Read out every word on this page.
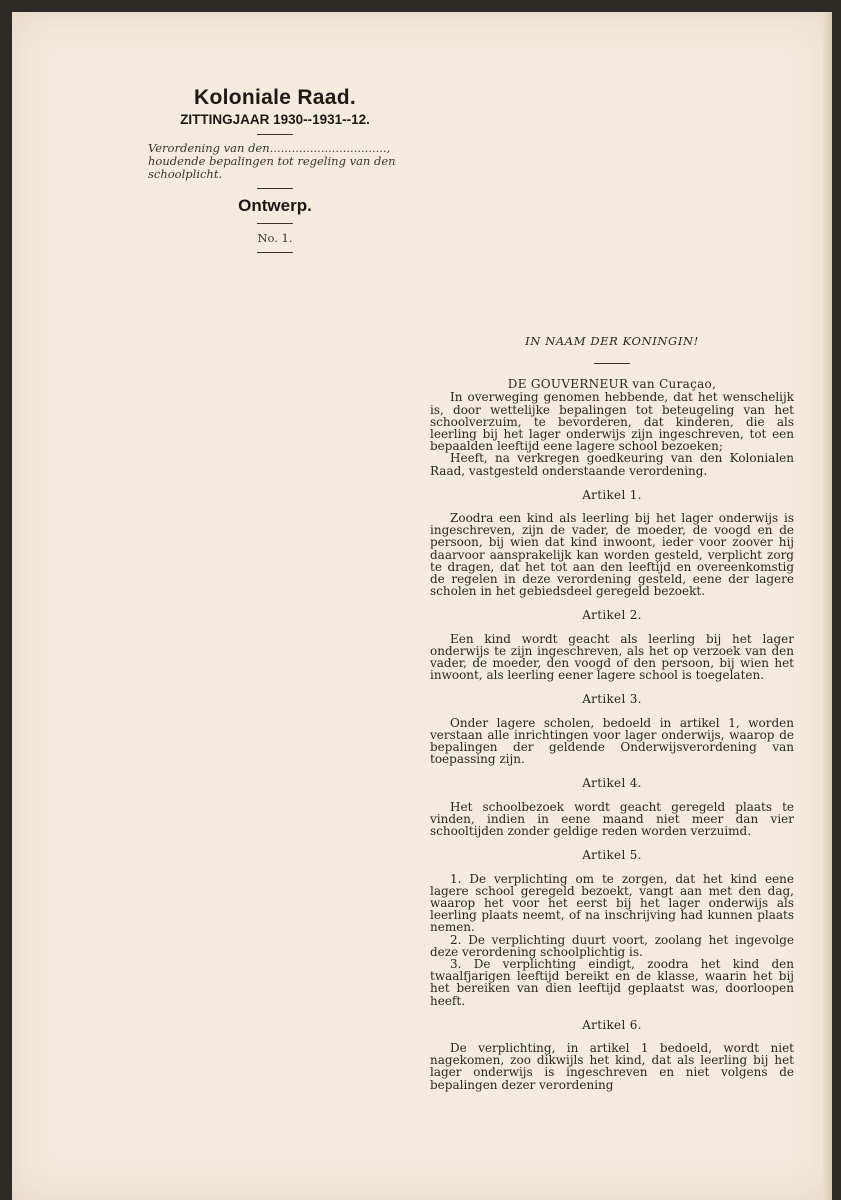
Koloniale Raad.
ZITTINGJAAR 1930--1931--12.
Verordening van den................................, houdende bepalingen tot regeling van den schoolplicht.
Ontwerp.
No. 1.
IN NAAM DER KONINGIN!
DE GOUVERNEUR van Curaçao,

In overweging genomen hebbende, dat het wenschelijk is, door wettelijke bepalingen tot beteugeling van het schoolverzuim, te bevorderen, dat kinderen, die als leerling bij het lager onderwijs zijn ingeschreven, tot een bepaalden leeftijd eene lagere school bezoeken;

Heeft, na verkregen goedkeuring van den Kolonialen Raad, vastgesteld onderstaande verordening.

Artikel 1.

Zoodra een kind als leerling bij het lager onderwijs is ingeschreven, zijn de vader, de moeder, de voogd en de persoon, bij wien dat kind inwoont, ieder voor zoover hij daarvoor aansprakelijk kan worden gesteld, verplicht zorg te dragen, dat het tot aan den leeftijd en overeenkomstig de regelen in deze verordening gesteld, eene der lagere scholen in het gebiedsdeel geregeld bezoekt.

Artikel 2.

Een kind wordt geacht als leerling bij het lager onderwijs te zijn ingeschreven, als het op verzoek van den vader, de moeder, den voogd of den persoon, bij wien het inwoont, als leerling eener lagere school is toegelaten.

Artikel 3.

Onder lagere scholen, bedoeld in artikel 1, worden verstaan alle inrichtingen voor lager onderwijs, waarop de bepalingen der geldende Onderwijsverordening van toepassing zijn.

Artikel 4.

Het schoolbezoek wordt geacht geregeld plaats te vinden, indien in eene maand niet meer dan vier schooltijden zonder geldige reden worden verzuimd.

Artikel 5.

1. De verplichting om te zorgen, dat het kind eene lagere school geregeld bezoekt, vangt aan met den dag, waarop het voor het eerst bij het lager onderwijs als leerling plaats neemt, of na inschrijving had kunnen plaats nemen.

2. De verplichting duurt voort, zoolang het ingevolge deze verordening schoolplichtig is.

3. De verplichting eindigt, zoodra het kind den twaalfjarigen leeftijd bereikt en de klasse, waarin het bij het bereiken van dien leeftijd geplaatst was, doorloopen heeft.

Artikel 6.

De verplichting, in artikel 1 bedoeld, wordt niet nagekomen, zoo dikwijls het kind, dat als leerling bij het lager onderwijs is ingeschreven en niet volgens de bepalingen dezer verordening
